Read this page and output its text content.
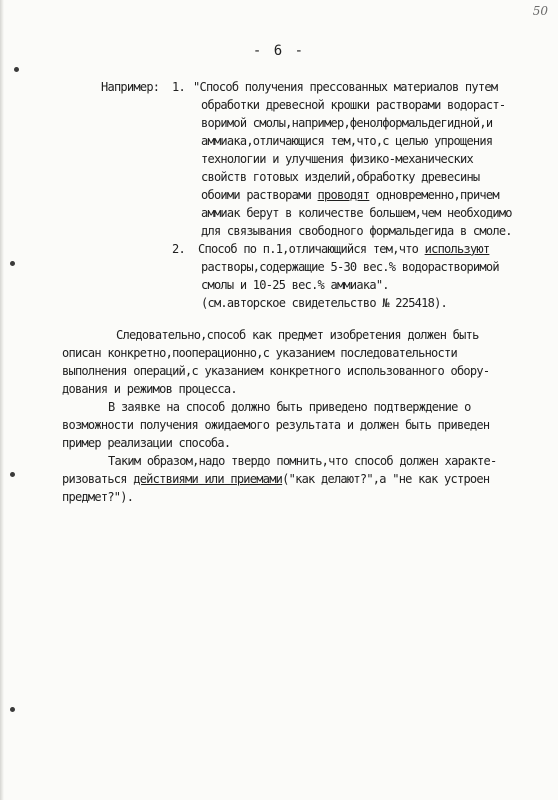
50
- 6 -
Например: 1. "Способ получения прессованных материалов путем
обработки древесной крошки растворами водораст-
воримой смолы,например,фенолформальдегидной,и
аммиака,отличающися тем,что,с целью упрощения
технологии и улучшения физико-механических
свойств готовых изделий,обработку древесины
обоими растворами проводят одновременно,причем
аммиак берут в количестве большем,чем необходимо
для связывания свободного формальдегида в смоле.
2. Способ по п.1,отличающийся тем,что используют
растворы,содержащие 5-30 вес.% водорастворимой
смолы и 10-25 вес.% аммиака".
(см.авторское свидетельство № 225418).
Следовательно,способ как предмет изобретения должен быть
описан конкретно,пооперационно,с указанием последовательности
выполнения операций,с указанием конкретного использованного обору-
дования и режимов процесса.
В заявке на способ должно быть приведено подтверждение о
возможности получения ожидаемого результата и должен быть приведен
пример реализации способа.
Таким образом,надо твердо помнить,что способ должен характе-
ризоваться действиями или приемами("как делают?",а "не как устроен
предмет?").
